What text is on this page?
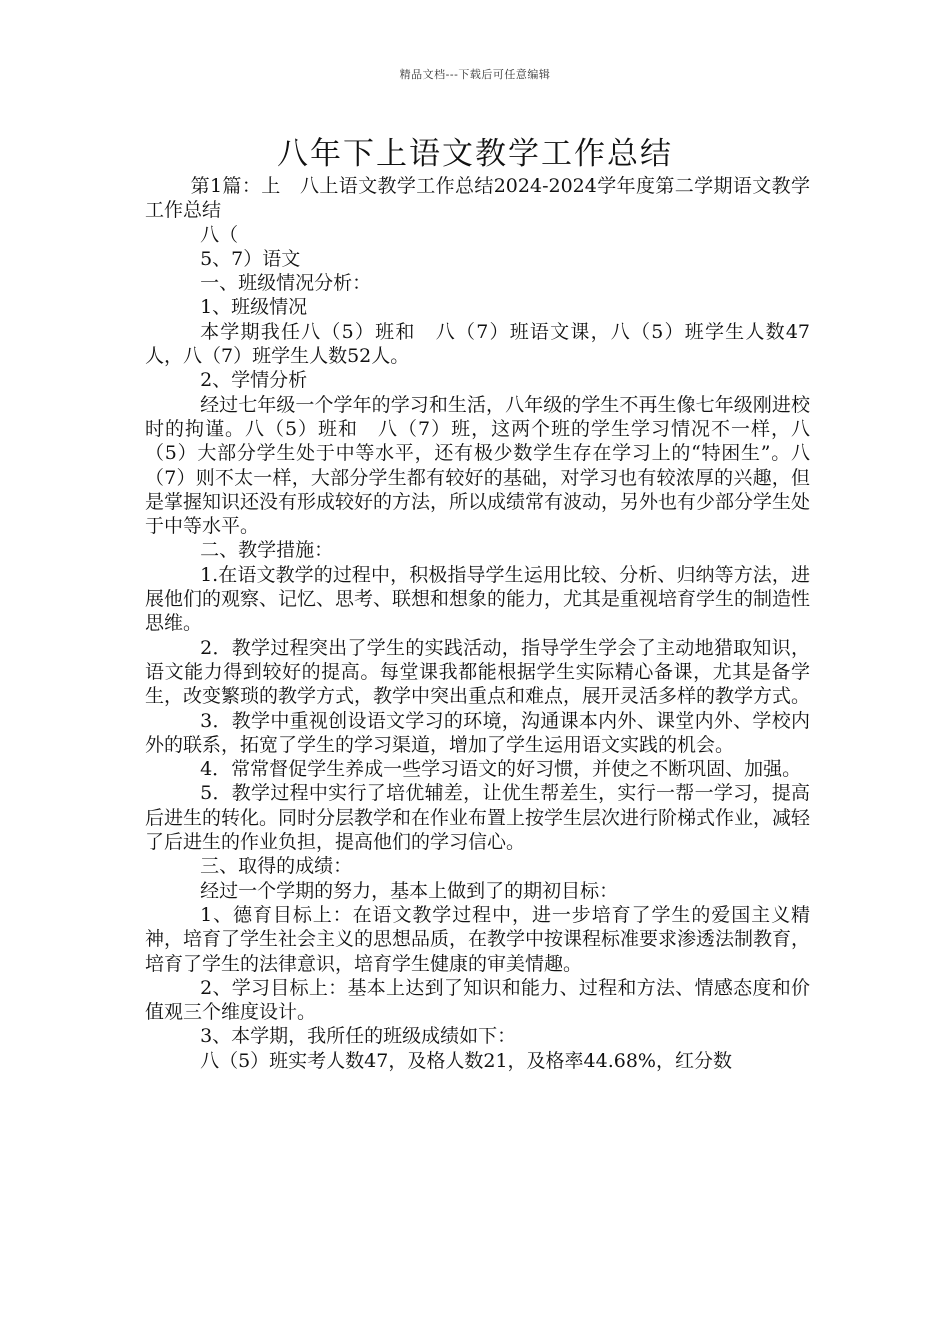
精品文档---下载后可任意编辑
八年下上语文教学工作总结

第1篇：上　八上语文教学工作总结2024-2024学年度第二学期语文教学工作总结

八（

5、7）语文

一、班级情况分析：

1、班级情况

本学期我任八（5）班和　八（7）班语文课，八（5）班学生人数47人，八（7）班学生人数52人。

2、学情分析

经过七年级一个学年的学习和生活，八年级的学生不再生像七年级刚进校时的拘谨。八（5）班和　八（7）班，这两个班的学生学习情况不一样，八（5）大部分学生处于中等水平，还有极少数学生存在学习上的“特困生”。八（7）则不太一样，大部分学生都有较好的基础，对学习也有较浓厚的兴趣，但是掌握知识还没有形成较好的方法，所以成绩常有波动，另外也有少部分学生处于中等水平。

二、教学措施：

1.在语文教学的过程中，积极指导学生运用比较、分析、归纳等方法，进展他们的观察、记忆、思考、联想和想象的能力，尤其是重视培育学生的制造性思维。

2．教学过程突出了学生的实践活动，指导学生学会了主动地猎取知识，语文能力得到较好的提高。每堂课我都能根据学生实际精心备课，尤其是备学生，改变繁琐的教学方式，教学中突出重点和难点，展开灵活多样的教学方式。

3．教学中重视创设语文学习的环境，沟通课本内外、课堂内外、学校内外的联系，拓宽了学生的学习渠道，增加了学生运用语文实践的机会。

4．常常督促学生养成一些学习语文的好习惯，并使之不断巩固、加强。

5．教学过程中实行了培优辅差，让优生帮差生，实行一帮一学习，提高后进生的转化。同时分层教学和在作业布置上按学生层次进行阶梯式作业，减轻了后进生的作业负担，提高他们的学习信心。

三、取得的成绩：

经过一个学期的努力，基本上做到了的期初目标：

1、德育目标上：在语文教学过程中，进一步培育了学生的爱国主义精神，培育了学生社会主义的思想品质，在教学中按课程标准要求渗透法制教育，培育了学生的法律意识，培育学生健康的审美情趣。

2、学习目标上：基本上达到了知识和能力、过程和方法、情感态度和价值观三个维度设计。

3、本学期，我所任的班级成绩如下：

八（5）班实考人数47，及格人数21，及格率44.68%，红分数
